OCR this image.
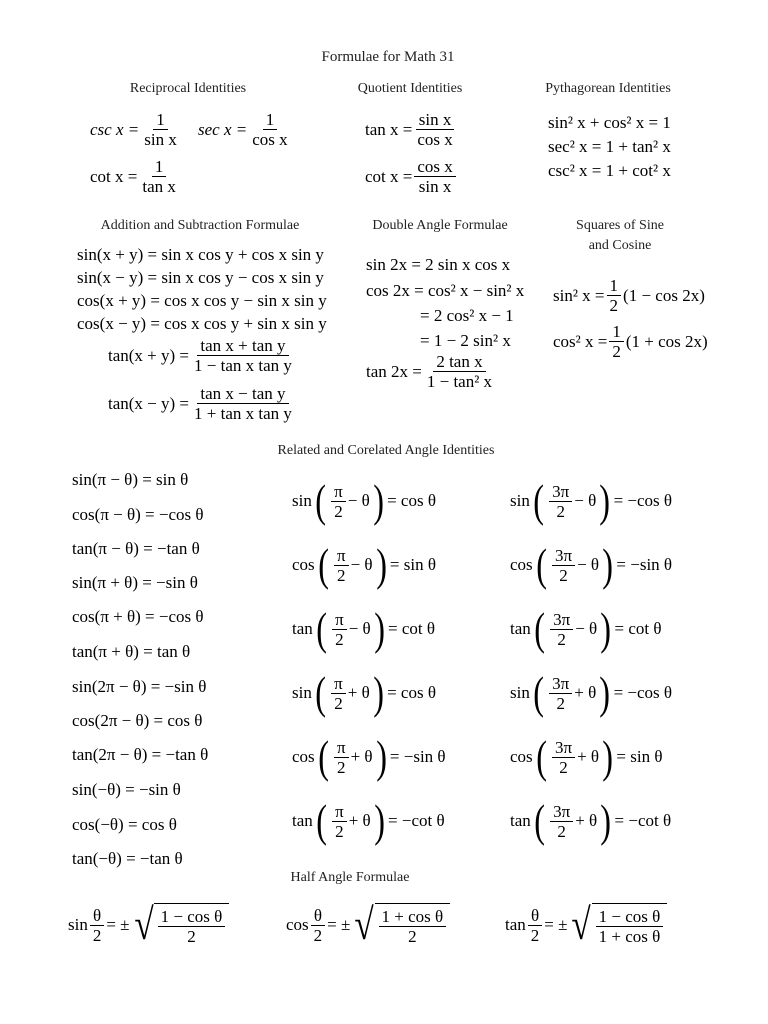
Formulae for Math 31
Reciprocal Identities
$\csc x = \frac{1}{\text{sin x}}$ $\sec x = \frac{1}{\text{cos x}}$
$\cot x = \frac{1}{\text{tan x}}$
Quotient Identities
$\tan x = \frac{\text{sin x}}{\text{cos x}}$
$\cot x = \frac{\text{cos x}}{\text{sin x}}$
Pythagorean Identities
sin² x + cos² x = 1
sec² x = 1 + tan² x
csc² x = 1 + cot² x
Addition and Subtraction Formulae
sin(x + y) = sin x cos y + cos x sin y
sin(x − y) = sin x cos y − cos x sin y
cos(x + y) = cos x cos y − sin x sin y
cos(x − y) = cos x cos y + sin x sin y
$\tan(x + y) = \frac{\text{tan x + tan y}}{\text{1 − tan x tan y}}$
$\tan(x - y) = \frac{\text{tan x − tan y}}{\text{1 + tan x tan y}}$
Double Angle Formulae
sin 2x = 2 sin x cos x
cos 2x = cos² x − sin² x
= 2 cos² x − 1
= 1 − 2 sin² x
$\tan 2x = \frac{\text{2 tan x}}{\text{1 − tan² x}}$
Squares of Sine
and Cosine
sin² $x = \frac{1}{2} (1 - \cos 2x)$
cos² $x = \frac{1}{2} (1 + \cos 2x)$
Related and Corelated Angle Identities
sin(π − θ) = sin θ
cos(π − θ) = −cos θ
tan(π − θ) = −tan θ
sin(π + θ) = −sin θ
cos(π + θ) = −cos θ
tan(π + θ) = tan θ
sin(2π − θ) = −sin θ
cos(2π − θ) = cos θ
tan(2π − θ) = −tan θ
sin(−θ) = −sin θ
cos(−θ) = cos θ
tan(−θ) = −tan θ
sin ( $\frac{\pi}{2} - \theta$ ) = cos θ
cos ( $\frac{\pi}{2} - \theta$ ) = sin θ
tan ( $\frac{\pi}{2} - \theta$ ) = cot θ
sin ( $\frac{\pi}{2} + \theta$ ) = cos θ
cos ( $\frac{\pi}{2} + \theta$ ) = −sin θ
tan ( $\frac{\pi}{2} + \theta$ ) = −cot θ
sin ( $\frac{3\pi}{2} - \theta$ ) = −cos θ
cos ( $\frac{3\pi}{2} - \theta$ ) = −sin θ
tan ( $\frac{3\pi}{2} - \theta$ ) = cot θ
sin ( $\frac{3\pi}{2} + \theta$ ) = −cos θ
cos ( $\frac{3\pi}{2} + \theta$ ) = sin θ
tan ( $\frac{3\pi}{2} + \theta$ ) = −cot θ
Half Angle Formulae
$\sin \frac{\theta}{2}$ = ± √ $\frac{\text{1 − cos θ}}{2}$	$\cos \frac{\theta}{2}$ = ± √ $\frac{\text{1 + cos θ}}{2}$	$\tan \frac{\theta}{2}$ = ± √ $\frac{\text{1 − cos θ}}{\text{1 + cos θ}}$
